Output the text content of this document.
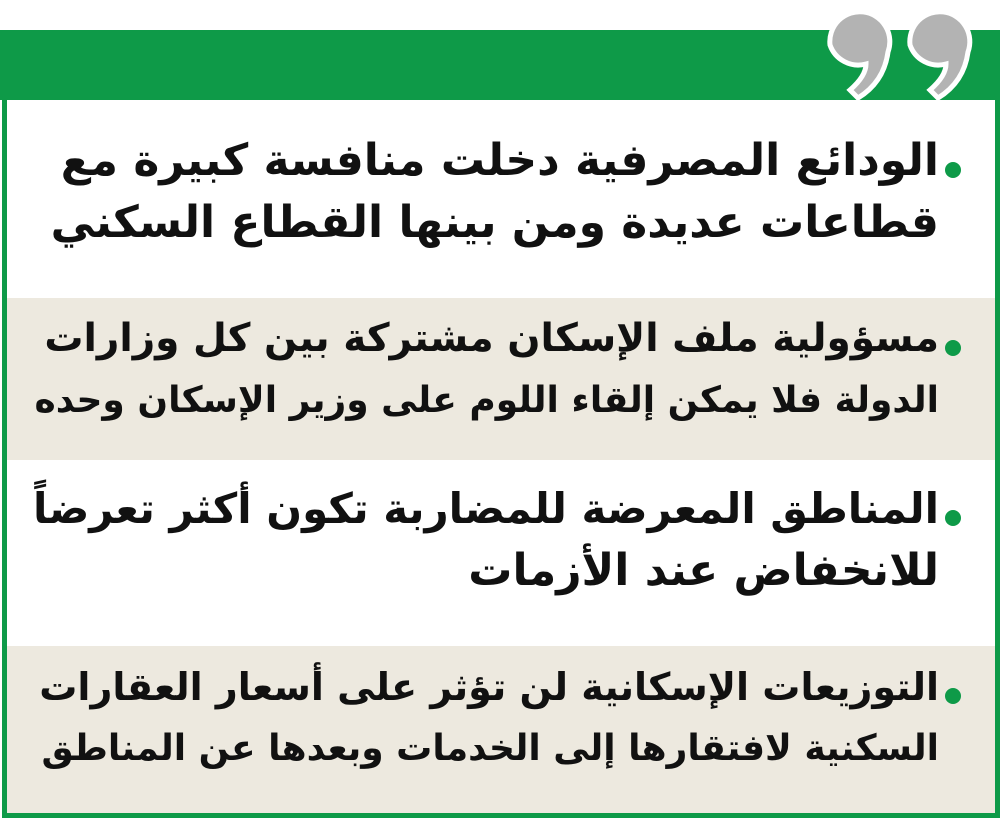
الودائع المصرفية دخلت منافسة كبيرة مع
قطاعات عديدة ومن بينها القطاع السكني
مسؤولية ملف الإسكان مشتركة بين كل وزارات
الدولة فلا يمكن إلقاء اللوم على وزير الإسكان وحده
المناطق المعرضة للمضاربة تكون أكثر تعرضاً
للانخفاض عند الأزمات
التوزيعات الإسكانية لن تؤثر على أسعار العقارات
السكنية لافتقارها إلى الخدمات وبعدها عن المناطق
